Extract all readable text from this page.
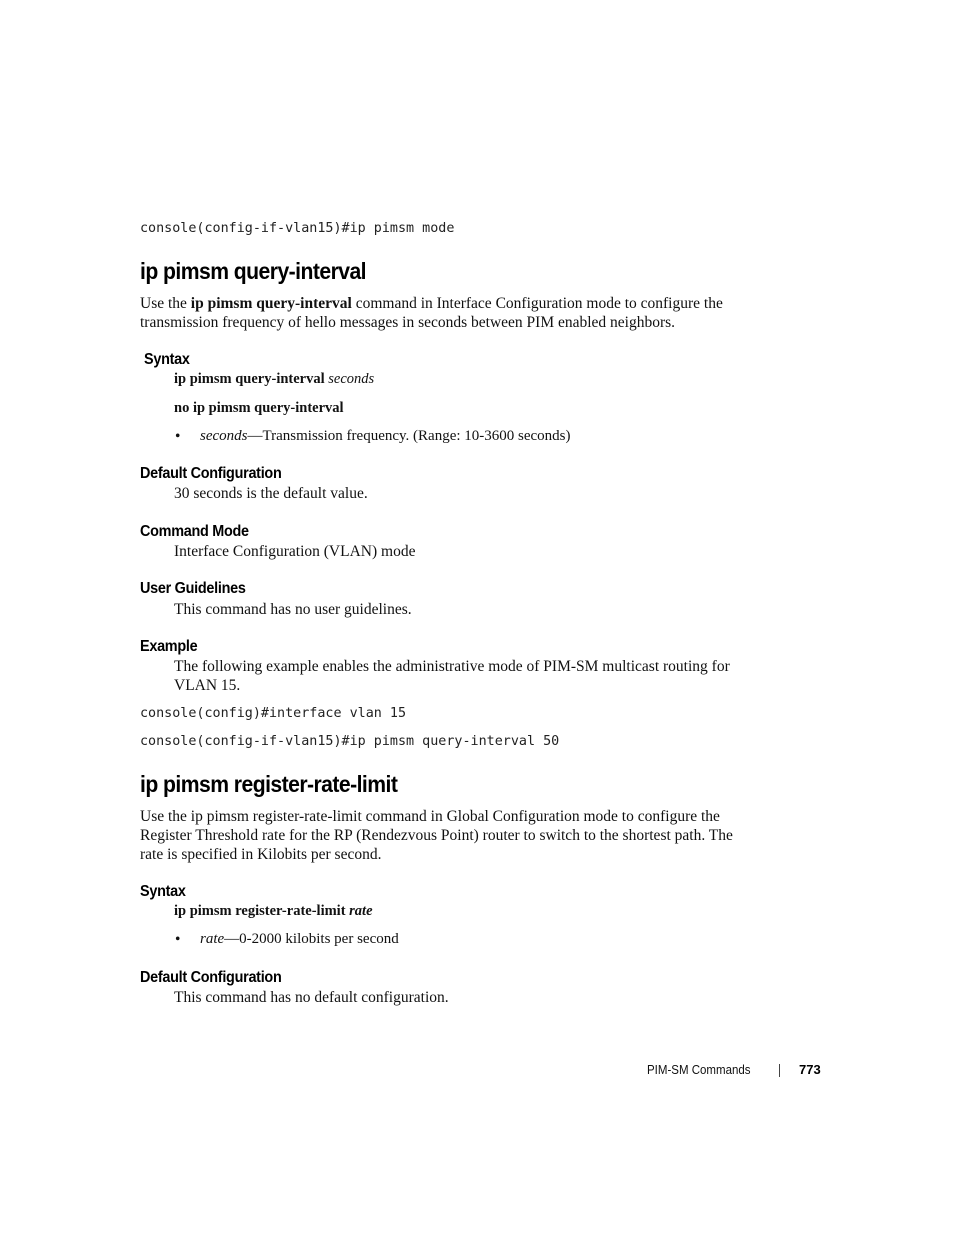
console(config-if-vlan15)#ip pimsm mode
ip pimsm query-interval
Use the ip pimsm query-interval command in Interface Configuration mode to configure the
transmission frequency of hello messages in seconds between PIM enabled neighbors.
Syntax
ip pimsm query-interval seconds
no ip pimsm query-interval
• seconds—Transmission frequency. (Range: 10-3600 seconds)
Default Configuration
30 seconds is the default value.
Command Mode
Interface Configuration (VLAN) mode
User Guidelines
This command has no user guidelines.
Example
The following example enables the administrative mode of PIM-SM multicast routing for
VLAN 15.
console(config)#interface vlan 15
console(config-if-vlan15)#ip pimsm query-interval 50
ip pimsm register-rate-limit
Use the ip pimsm register-rate-limit command in Global Configuration mode to configure the
Register Threshold rate for the RP (Rendezvous Point) router to switch to the shortest path. The
rate is specified in Kilobits per second.
Syntax
ip pimsm register-rate-limit rate
• rate—0-2000 kilobits per second
Default Configuration
This command has no default configuration.
PIM-SM Commands	773
